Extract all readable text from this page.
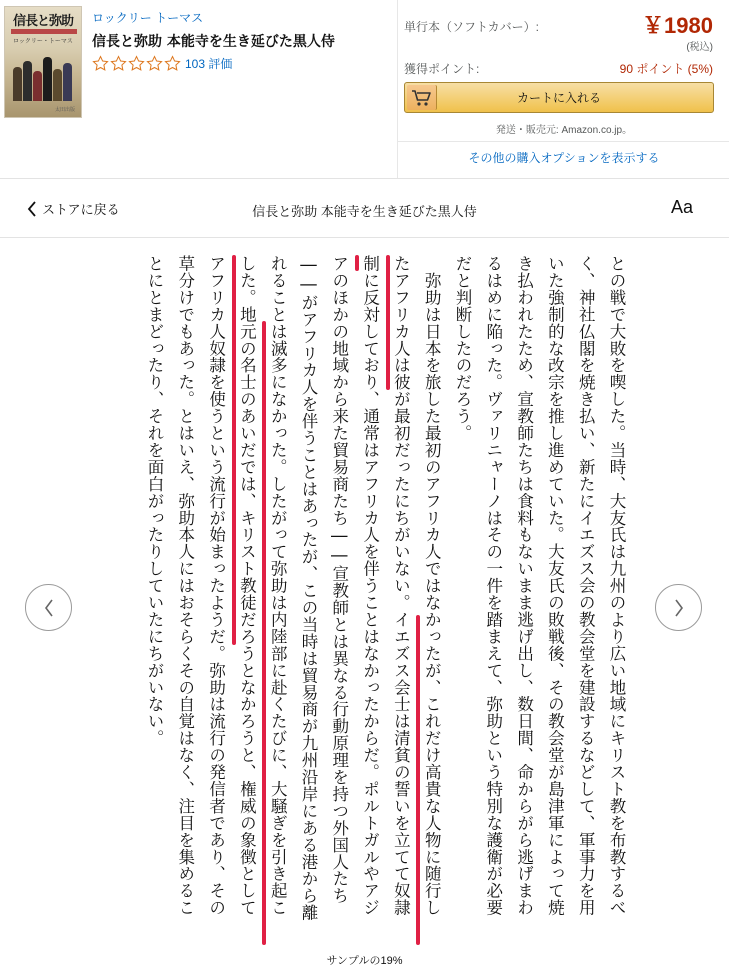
信長と弥助
ロックリー・トーマス
太田出版
ロックリー トーマス
信長と弥助 本能寺を生き延びた黒人侍
103 評価
単行本（ソフトカバー）:	￥1980
(税込)
獲得ポイント:	90 ポイント (5%)
カートに入れる
発送・販売元: Amazon.co.jp。
その他の購入オプションを表示する
ストアに戻る	信長と弥助 本能寺を生き延びた黒人侍	Aa
との戦で大敗を喫した。当時、大友氏は九州のより広い地域にキリスト教を布教するべ
く、神社仏閣を焼き払い、新たにイエズス会の教会堂を建設するなどして、軍事力を用
いた強制的な改宗を推し進めていた。大友氏の敗戦後、その教会堂が島津軍によって焼
き払われたため、宣教師たちは食料もないまま逃げ出し、数日間、命からがら逃げまわ
るはめに陥った。ヴァリニャーノはその一件を踏まえて、弥助という特別な護衛が必要
だと判断したのだろう。
　弥助は日本を旅した最初のアフリカ人ではなかったが、これだけ高貴な人物に随行し
たアフリカ人は彼が最初だったにちがいない。イエズス会士は清貧の誓いを立てて奴隷
制に反対しており、通常はアフリカ人を伴うことはなかったからだ。ポルトガルやアジ
アのほかの地域から来た貿易商たち――宣教師とは異なる行動原理を持つ外国人たち
――がアフリカ人を伴うことはあったが、この当時は貿易商が九州沿岸にある港から離
れることは滅多になかった。したがって弥助は内陸部に赴くたびに、大騒ぎを引き起こ
した。地元の名士のあいだでは、キリスト教徒だろうとなかろうと、権威の象徴として
アフリカ人奴隷を使うという流行が始まったようだ。弥助は流行の発信者であり、その
草分けでもあった。とはいえ、弥助本人にはおそらくその自覚はなく、注目を集めるこ
とにとまどったり、それを面白がったりしていたにちがいない。
サンプルの19%
